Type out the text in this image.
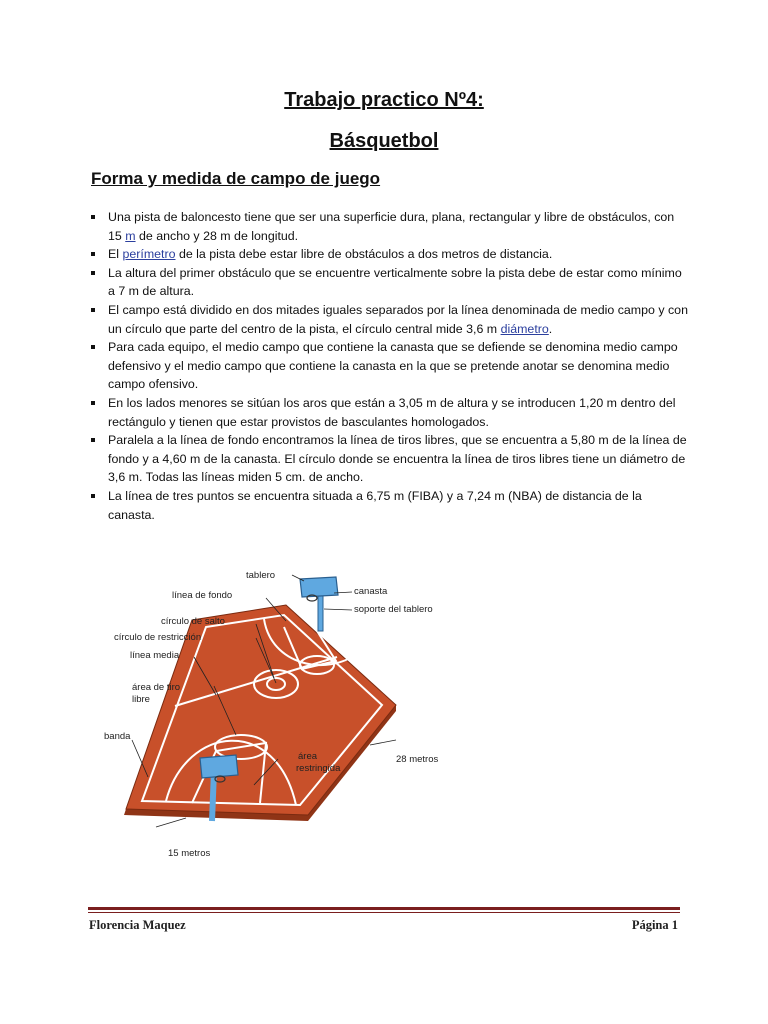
Trabajo practico Nº4:
Básquetbol
Forma y medida de campo de juego
Una pista de baloncesto tiene que ser una superficie dura, plana, rectangular y libre de obstáculos, con 15 m de ancho y 28 m de longitud.
El perímetro de la pista debe estar libre de obstáculos a dos metros de distancia.
La altura del primer obstáculo que se encuentre verticalmente sobre la pista debe de estar como mínimo a 7 m de altura.
El campo está dividido en dos mitades iguales separados por la línea denominada de medio campo y con un círculo que parte del centro de la pista, el círculo central mide 3,6 m diámetro.
Para cada equipo, el medio campo que contiene la canasta que se defiende se denomina medio campo defensivo y el medio campo que contiene la canasta en la que se pretende anotar se denomina medio campo ofensivo.
En los lados menores se sitúan los aros que están a 3,05 m de altura y se introducen 1,20 m dentro del rectángulo y tienen que estar provistos de basculantes homologados.
Paralela a la línea de fondo encontramos la línea de tiros libres, que se encuentra a 5,80 m de la línea de fondo y a 4,60 m de la canasta. El círculo donde se encuentra la línea de tiros libres tiene un diámetro de 3,6 m. Todas las líneas miden 5 cm. de ancho.
La línea de tres puntos se encuentra situada a 6,75 m (FIBA) y a 7,24 m (NBA) de distancia de la canasta.
tablero
canasta
soporte del tablero
línea de fondo
círculo de salto
círculo de restricción
línea media
área de tiro
libre
banda
área
restringida
28 metros
15 metros
Florencia Maquez	Página 1
